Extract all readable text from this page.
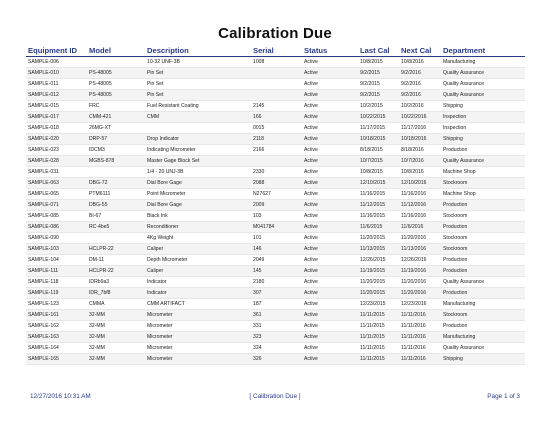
Calibration Due
Equipment ID	Model	Description	Serial	Status	Last Cal	Next Cal	Department
SAMPLE-006		10-32 UNF-3B	1008	Active	10/8/2015	10/8/2016	Manufacturing
SAMPLE-010	PS-48005	Pin Set		Active	9/2/2015	9/2/2016	Quality Assurance
SAMPLE-011	PS-48005	Pin Set		Active	9/2/2015	9/2/2016	Quality Assurance
SAMPLE-012	PS-48005	Pin Set		Active	9/2/2015	9/2/2016	Quality Assurance
SAMPLE-015	FRC	Fuel Resistant Coating	2145	Active	10/2/2015	10/2/2016	Shipping
SAMPLE-017	CMM-421	CMM	166	Active	10/22/2015	10/22/2016	Inspection
SAMPLE-018	26MG-XT		0015	Active	11/17/2015	11/17/2016	Inspection
SAMPLE-020	DRP-57	Drop Indicator	2118	Active	10/18/2015	10/18/2016	Shipping
SAMPLE-023	IDCM3	Indicating Micrometer	2166	Active	8/18/2015	8/18/2016	Production
SAMPLE-028	MGBS-878	Master Gage Block Set		Active	10/7/2015	10/7/2016	Quality Assurance
SAMPLE-031		1/4 - 20 UNJ-3B	2330	Active	10/8/2015	10/8/2016	Machine Shop
SAMPLE-063	DBG-72	Dial Bore Gage	2088	Active	12/10/2015	12/10/2016	Stockroom
SAMPLE-065	PTM6111	Point Micrometer	N27627	Active	11/16/2015	11/16/2016	Machine Shop
SAMPLE-071	DBG-55	Dial Bore Gage	2009	Active	11/12/2015	11/12/2016	Production
SAMPLE-085	BI-67	Black Ink	103	Active	11/16/2015	11/16/2016	Stockroom
SAMPLE-086	RC-4be5	Reconditioner	M041784	Active	11/6/2015	11/6/2016	Production
SAMPLE-090		4Kg Weight	101	Active	11/20/2015	11/20/2016	Stockroom
SAMPLE-103	HCLPR-22	Caliper	146	Active	11/13/2015	11/13/2016	Stockroom
SAMPLE-104	DM-11	Depth Micrometer	2049	Active	12/26/2015	12/26/2016	Production
SAMPLE-111	HCLPR-22	Caliper	145	Active	11/19/2015	11/19/2016	Production
SAMPLE-118	IDRb9a3	Indicator	2180	Active	11/20/2015	11/20/2016	Quality Assurance
SAMPLE-119	IDR_7bf8	Indicator	307	Active	11/20/2015	11/20/2016	Production
SAMPLE-123	CMMA	CMM ARTIFACT	187	Active	12/23/2015	12/23/2016	Manufacturing
SAMPLE-161	32-MM	Micrometer	361	Active	11/11/2015	11/11/2016	Stockroom
SAMPLE-162	32-MM	Micrometer	331	Active	11/11/2015	11/11/2016	Production
SAMPLE-163	32-MM	Micrometer	323	Active	11/11/2015	11/11/2016	Manufacturing
SAMPLE-164	32-MM	Micrometer	324	Active	11/11/2015	11/11/2016	Quality Assurance
SAMPLE-165	32-MM	Micrometer	326	Active	11/11/2015	11/11/2016	Shipping
12/27/2016 10:31 AM	[ Calibration Due ]	Page 1 of 3
